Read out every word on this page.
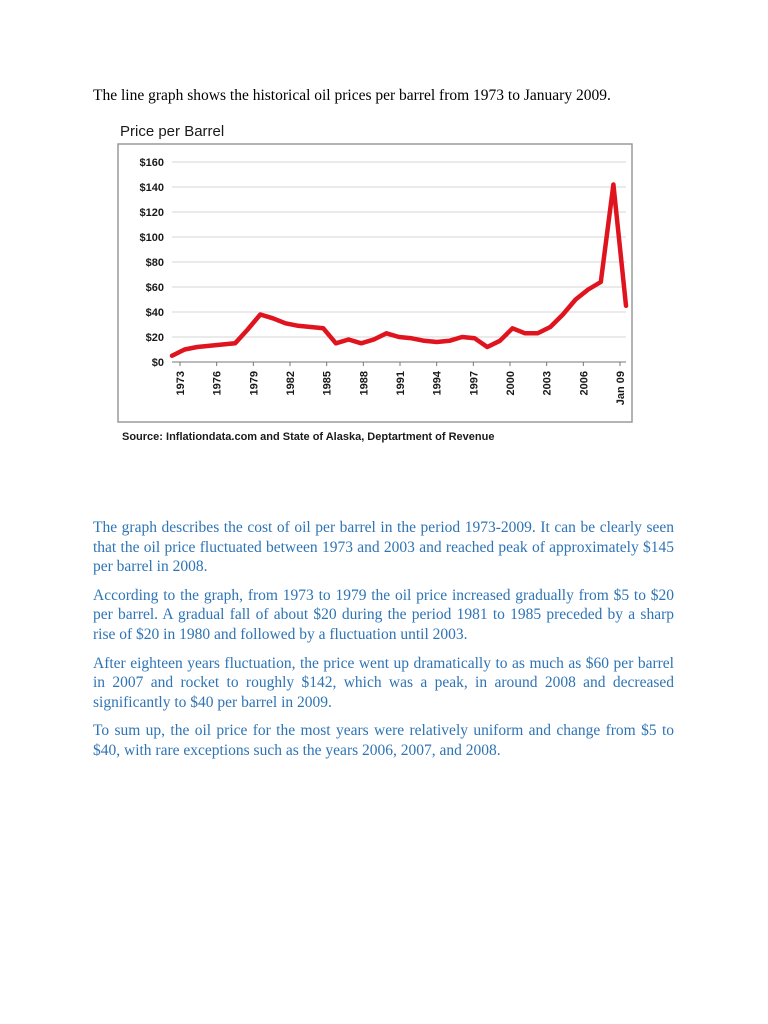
The line graph shows the historical oil prices per barrel from 1973 to January 2009.
Price per Barrel
$0
$20
$40
$60
$80
$100
$120
$140
$160
1973 1976 1979 1982 1985 1988 1991 1994 1997 2000 2003 2006 Jan 09
Source: Inflationdata.com and State of Alaska, Deptartment of Revenue

The graph describes the cost of oil per barrel in the period 1973-2009. It can be clearly seen that the oil price fluctuated between 1973 and 2003 and reached peak of approximately $145 per barrel in 2008.

According to the graph, from 1973 to 1979 the oil price increased gradually from $5 to $20 per barrel. A gradual fall of about $20 during the period 1981 to 1985 preceded by a sharp rise of $20 in 1980 and followed by a fluctuation until 2003.

After eighteen years fluctuation, the price went up dramatically to as much as $60 per barrel in 2007 and rocket to roughly $142, which was a peak, in around 2008 and decreased significantly to $40 per barrel in 2009.

To sum up, the oil price for the most years were relatively uniform and change from $5 to $40, with rare exceptions such as the years 2006, 2007, and 2008.
